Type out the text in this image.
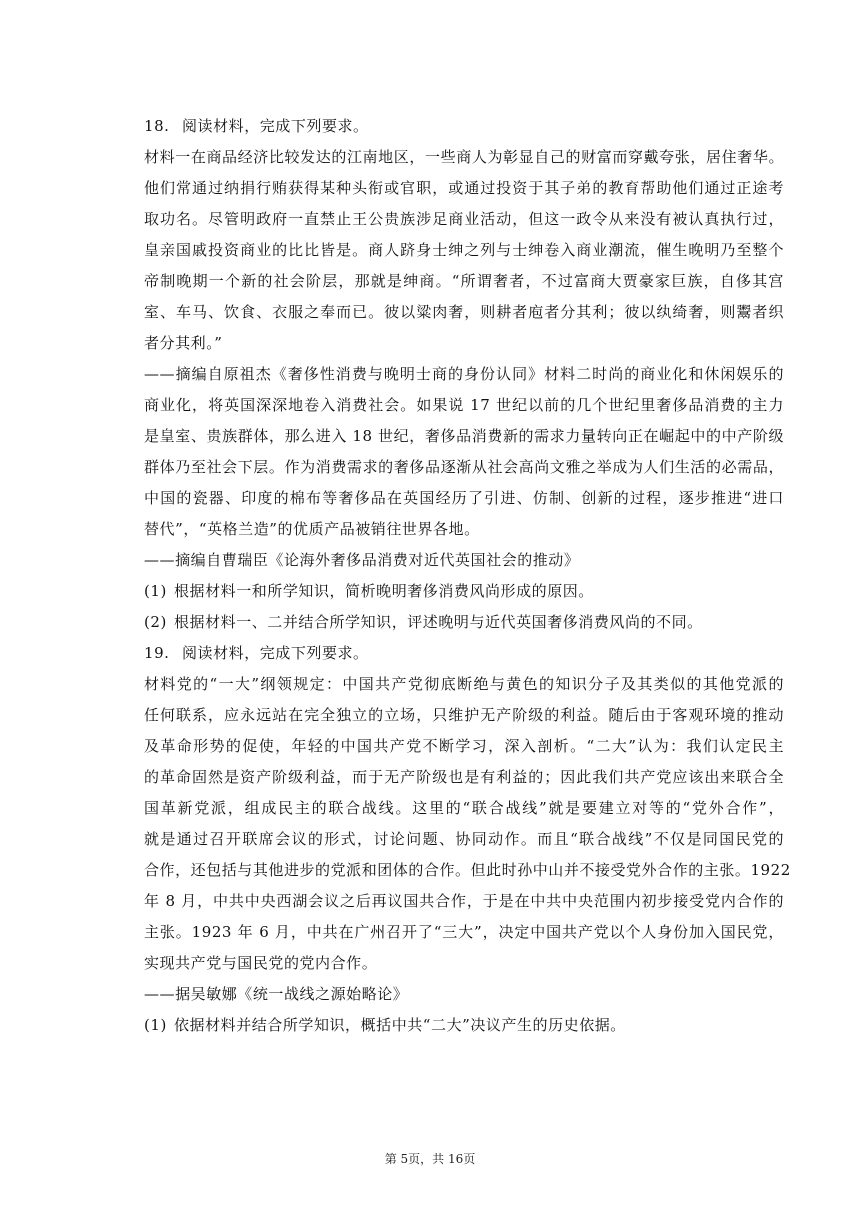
18. 阅读材料，完成下列要求。
材料一在商品经济比较发达的江南地区，一些商人为彰显自己的财富而穿戴夸张，居住奢华。
他们常通过纳捐行贿获得某种头衔或官职，或通过投资于其子弟的教育帮助他们通过正途考
取功名。尽管明政府一直禁止王公贵族涉足商业活动，但这一政令从来没有被认真执行过，
皇亲国戚投资商业的比比皆是。商人跻身士绅之列与士绅卷入商业潮流，催生晚明乃至整个
帝制晚期一个新的社会阶层，那就是绅商。“所谓奢者，不过富商大贾豪家巨族，自侈其宫
室、车马、饮食、衣服之奉而已。彼以粱肉奢，则耕者庖者分其利；彼以纨绮奢，则鬻者织
者分其利。”
——摘编自原祖杰《奢侈性消费与晚明士商的身份认同》材料二时尚的商业化和休闲娱乐的
商业化，将英国深深地卷入消费社会。如果说 17 世纪以前的几个世纪里奢侈品消费的主力
是皇室、贵族群体，那么进入 18 世纪，奢侈品消费新的需求力量转向正在崛起中的中产阶级
群体乃至社会下层。作为消费需求的奢侈品逐渐从社会高尚文雅之举成为人们生活的必需品，
中国的瓷器、印度的棉布等奢侈品在英国经历了引进、仿制、创新的过程，逐步推进“进口
替代”，“英格兰造”的优质产品被销往世界各地。
——摘编自曹瑞臣《论海外奢侈品消费对近代英国社会的推动》
(1) 根据材料一和所学知识，简析晚明奢侈消费风尚形成的原因。
(2) 根据材料一、二并结合所学知识，评述晚明与近代英国奢侈消费风尚的不同。
19. 阅读材料，完成下列要求。
材料党的“一大”纲领规定：中国共产党彻底断绝与黄色的知识分子及其类似的其他党派的
任何联系，应永远站在完全独立的立场，只维护无产阶级的利益。随后由于客观环境的推动
及革命形势的促使，年轻的中国共产党不断学习，深入剖析。“二大”认为：我们认定民主
的革命固然是资产阶级利益，而于无产阶级也是有利益的；因此我们共产党应该出来联合全
国革新党派，组成民主的联合战线。这里的“联合战线”就是要建立对等的“党外合作”，
就是通过召开联席会议的形式，讨论问题、协同动作。而且“联合战线”不仅是同国民党的
合作，还包括与其他进步的党派和团体的合作。但此时孙中山并不接受党外合作的主张。1922
年 8 月，中共中央西湖会议之后再议国共合作，于是在中共中央范围内初步接受党内合作的
主张。1923 年 6 月，中共在广州召开了“三大”，决定中国共产党以个人身份加入国民党，
实现共产党与国民党的党内合作。
——据吴敏娜《统一战线之源始略论》
(1) 依据材料并结合所学知识，概括中共“二大”决议产生的历史依据。
第 5页，共 16页
